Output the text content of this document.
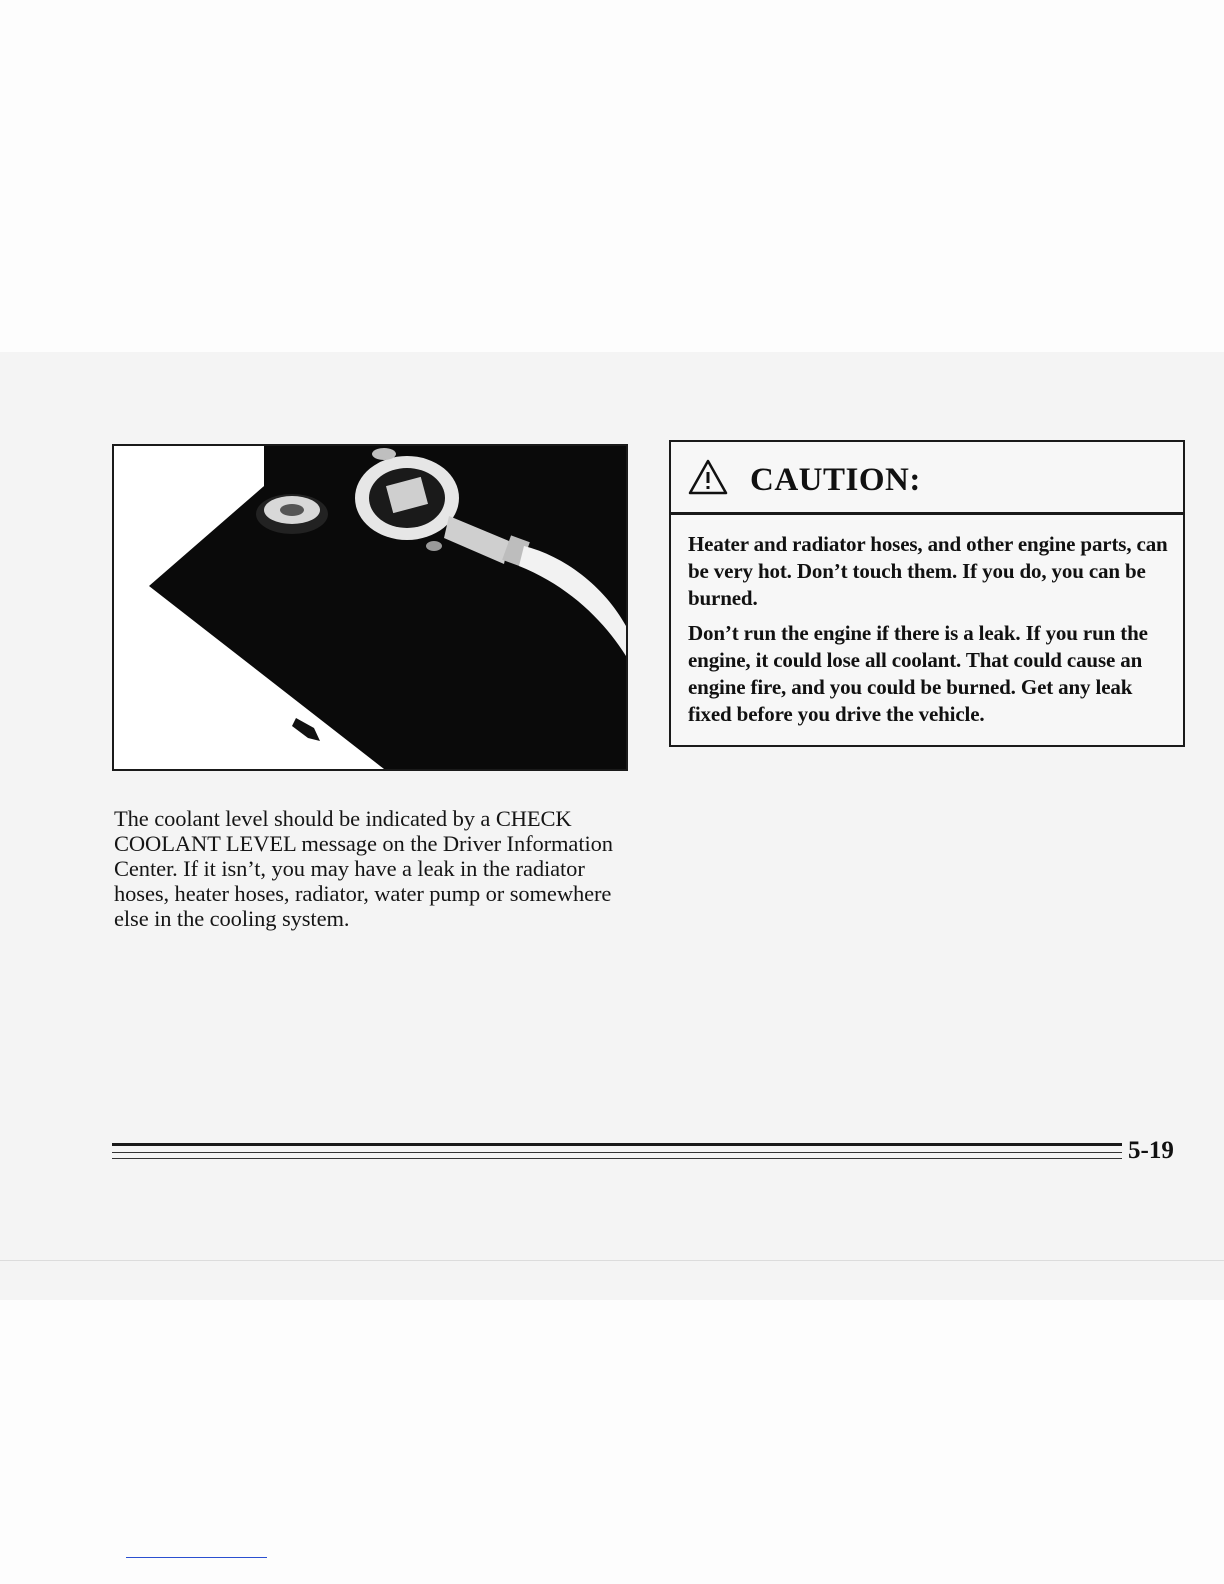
The coolant level should be indicated by a CHECK COOLANT LEVEL message on the Driver Information Center. If it isn’t, you may have a leak in the radiator hoses, heater hoses, radiator, water pump or somewhere else in the cooling system.

CAUTION:

Heater and radiator hoses, and other engine parts, can be very hot. Don’t touch them. If you do, you can be burned.

Don’t run the engine if there is a leak. If you run the engine, it could lose all coolant. That could cause an engine fire, and you could be burned. Get any leak fixed before you drive the vehicle.

5-19
